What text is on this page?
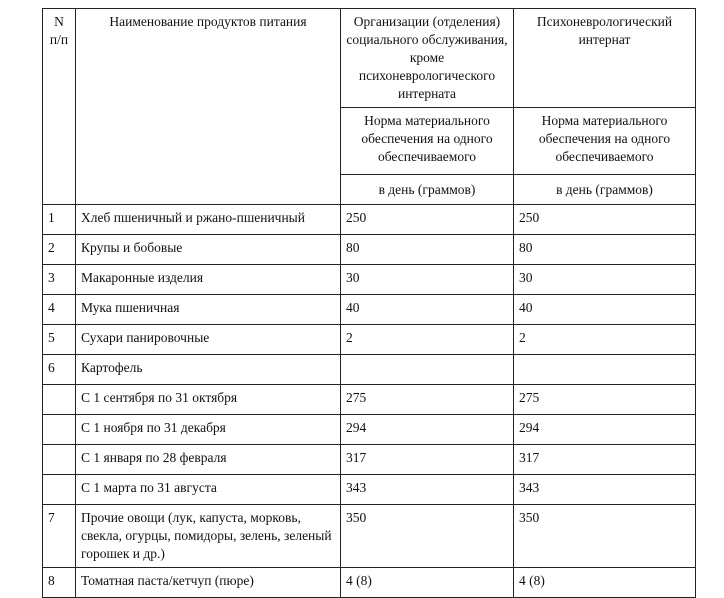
N п/п	Наименование продуктов питания	Организации (отделения) социального обслуживания, кроме психоневрологического интерната	Психоневрологический интернат
		Норма материального обеспечения на одного обеспечиваемого	Норма материального обеспечения на одного обеспечиваемого
		в день (граммов)	в день (граммов)
1	Хлеб пшеничный и ржано-пшеничный	250	250
2	Крупы и бобовые	80	80
3	Макаронные изделия	30	30
4	Мука пшеничная	40	40
5	Сухари панировочные	2	2
6	Картофель		
	С 1 сентября по 31 октября	275	275
	С 1 ноября по 31 декабря	294	294
	С 1 января по 28 февраля	317	317
	С 1 марта по 31 августа	343	343
7	Прочие овощи (лук, капуста, морковь, свекла, огурцы, помидоры, зелень, зеленый горошек и др.)	350	350
8	Томатная паста/кетчуп (пюре)	4 (8)	4 (8)
